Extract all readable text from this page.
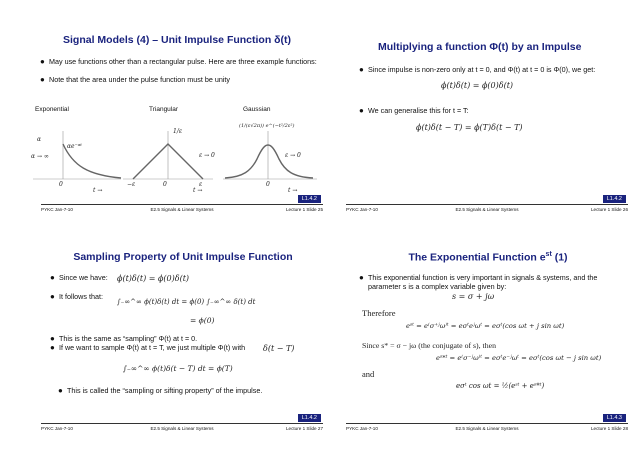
Signal Models (4) – Unit Impulse Function δ(t)
● May use functions other than a rectangular pulse. Here are three example functions:
● Note that the area under the pulse function must be unity
Exponential	Triangular	Gaussian
α
αe⁻ᵅᵗ
α → ∞
0
t →
1/ε
ε → 0
−ε	0	ε
t →
(1/(ε√2π)) e^(−t²/2ε²)
ε → 0
0
t →
L1.4.2
PYKC Jan-7-10	E2.5 Signals & Linear Systems	Lecture 1 Slide 25
Multiplying a function Φ(t) by an Impulse
● Since impulse is non-zero only at t = 0, and Φ(t) at t = 0 is Φ(0), we get:
ϕ(t)δ(t) = ϕ(0)δ(t)
● We can generalise this for t = T:
ϕ(t)δ(t − T) = ϕ(T)δ(t − T)
L1.4.2
PYKC Jan-7-10	E2.5 Signals & Linear Systems	Lecture 1 Slide 26
Sampling Property of Unit Impulse Function
● Since we have: ϕ(t)δ(t) = ϕ(0)δ(t)
● It follows that:
∫₋∞^∞ ϕ(t)δ(t) dt = ϕ(0) ∫₋∞^∞ δ(t) dt
= ϕ(0)
● This is the same as “sampling” Φ(t) at t = 0.
● If we want to sample Φ(t) at t = T, we just multiple Φ(t) with	δ(t − T)
∫₋∞^∞ ϕ(t)δ(t − T) dt = ϕ(T)
● This is called the “sampling or sifting property” of the impulse.
L1.4.2
PYKC Jan-7-10	E2.5 Signals & Linear Systems	Lecture 1 Slide 27
The Exponential Function $e^{st}$ (1)
● This exponential function is very important in signals & systems, and the parameter s is a complex variable given by:
s = σ + jω
Therefore
eˢᵗ = e⁽σ⁺ʲω⁾ᵗ = eσᵗeʲωᵗ = eσᵗ(cos ωt + j sin ωt)
Since s* = σ − jω (the conjugate of s), then
eˢ*ᵗ = e⁽σ⁻ʲω⁾ᵗ = eσᵗe⁻ʲωᵗ = eσᵗ(cos ωt − j sin ωt)
and
eσᵗ cos ωt = ½(eˢᵗ + eˢ*ᵗ)
L1.4.3
PYKC Jan-7-10	E2.5 Signals & Linear Systems	Lecture 1 Slide 28
